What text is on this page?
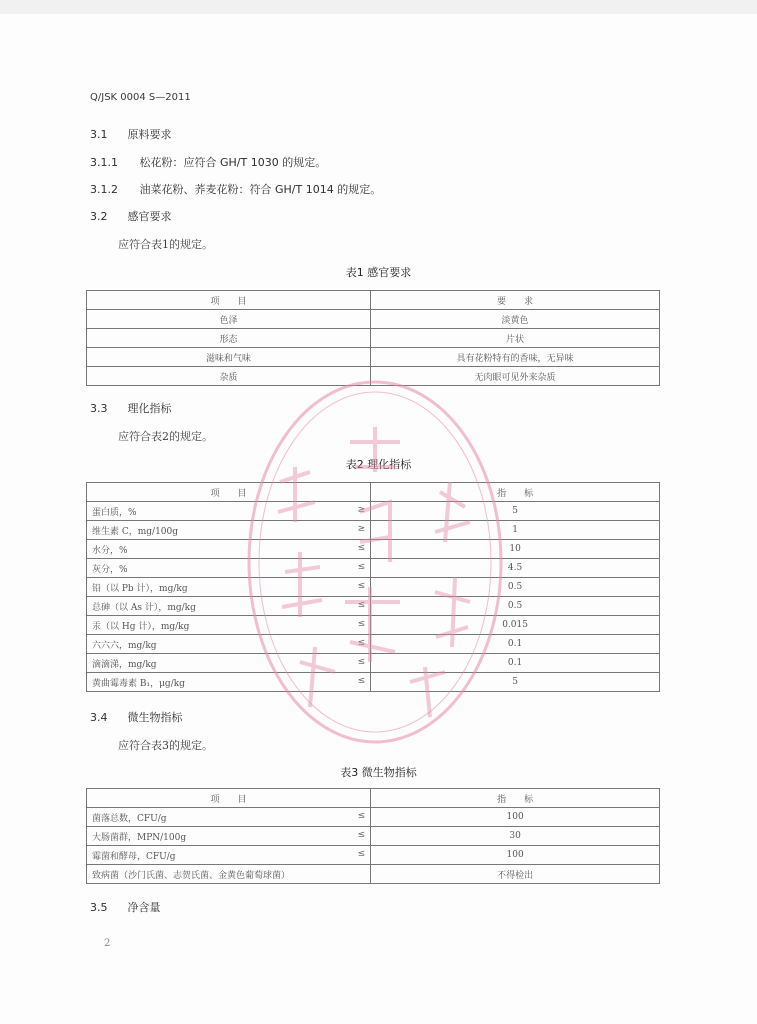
Q/JSK 0004 S—2011
3.1 原料要求
3.1.1 松花粉：应符合 GH/T 1030 的规定。
3.1.2 油菜花粉、荞麦花粉：符合 GH/T 1014 的规定。
3.2 感官要求
应符合表1的规定。
表1 感官要求
项　　目	要　　求
色泽	淡黄色
形态	片状
滋味和气味	具有花粉特有的香味，无异味
杂质	无肉眼可见外来杂质
3.3 理化指标
应符合表2的规定。
表2 理化指标
项　　目	指　　标

蛋白质，% ≥	5

维生素 C，mg/100g ≥	1

水分，% ≤	10

灰分，% ≤	4.5

铅（以 Pb 计），mg/kg ≤	0.5

总砷（以 As 计），mg/kg ≤	0.5

汞（以 Hg 计），mg/kg ≤	0.015

六六六，mg/kg ≤	0.1

滴滴涕，mg/kg ≤	0.1

黄曲霉毒素 B₁，μg/kg ≤	5
3.4 微生物指标
应符合表3的规定。
表3 微生物指标
项　　目	指　　标

菌落总数，CFU/g ≤	100

大肠菌群，MPN/100g ≤	30

霉菌和酵母，CFU/g ≤	100

致病菌（沙门氏菌、志贺氏菌、金黄色葡萄球菌）	不得检出
3.5 净含量
2
